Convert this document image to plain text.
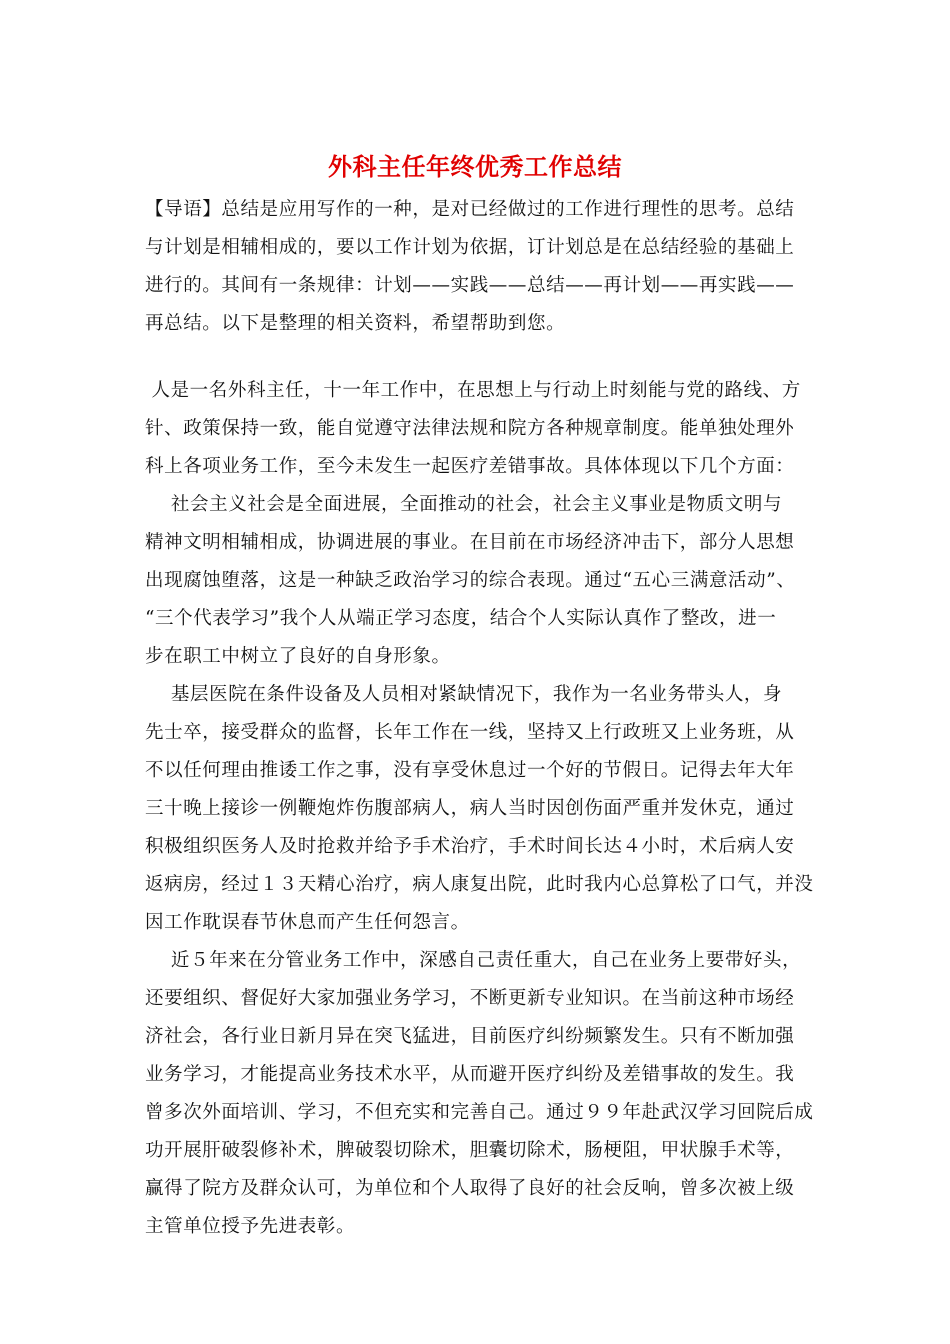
外科主任年终优秀工作总结
【导语】总结是应用写作的一种，是对已经做过的工作进行理性的思考。总结
与计划是相辅相成的，要以工作计划为依据，订计划总是在总结经验的基础上
进行的。其间有一条规律：计划——实践——总结——再计划——再实践——
再总结。以下是整理的相关资料，希望帮助到您。
人是一名外科主任，十一年工作中，在思想上与行动上时刻能与党的路线、方
针、政策保持一致，能自觉遵守法律法规和院方各种规章制度。能单独处理外
科上各项业务工作，至今未发生一起医疗差错事故。具体体现以下几个方面：
社会主义社会是全面进展，全面推动的社会，社会主义事业是物质文明与
精神文明相辅相成，协调进展的事业。在目前在市场经济冲击下，部分人思想
出现腐蚀堕落，这是一种缺乏政治学习的综合表现。通过“五心三满意活动”、
“三个代表学习”我个人从端正学习态度，结合个人实际认真作了整改，进一
步在职工中树立了良好的自身形象。
基层医院在条件设备及人员相对紧缺情况下，我作为一名业务带头人，身
先士卒，接受群众的监督，长年工作在一线，坚持又上行政班又上业务班，从
不以任何理由推诿工作之事，没有享受休息过一个好的节假日。记得去年大年
三十晚上接诊一例鞭炮炸伤腹部病人，病人当时因创伤面严重并发休克，通过
积极组织医务人及时抢救并给予手术治疗，手术时间长达４小时，术后病人安
返病房，经过１３天精心治疗，病人康复出院，此时我内心总算松了口气，并没
因工作耽误春节休息而产生任何怨言。
近５年来在分管业务工作中，深感自己责任重大，自己在业务上要带好头，
还要组织、督促好大家加强业务学习，不断更新专业知识。在当前这种市场经
济社会，各行业日新月异在突飞猛进，目前医疗纠纷频繁发生。只有不断加强
业务学习，才能提高业务技术水平，从而避开医疗纠纷及差错事故的发生。我
曾多次外面培训、学习，不但充实和完善自己。通过９９年赴武汉学习回院后成
功开展肝破裂修补术，脾破裂切除术，胆囊切除术，肠梗阻，甲状腺手术等，
赢得了院方及群众认可，为单位和个人取得了良好的社会反响，曾多次被上级
主管单位授予先进表彰。
